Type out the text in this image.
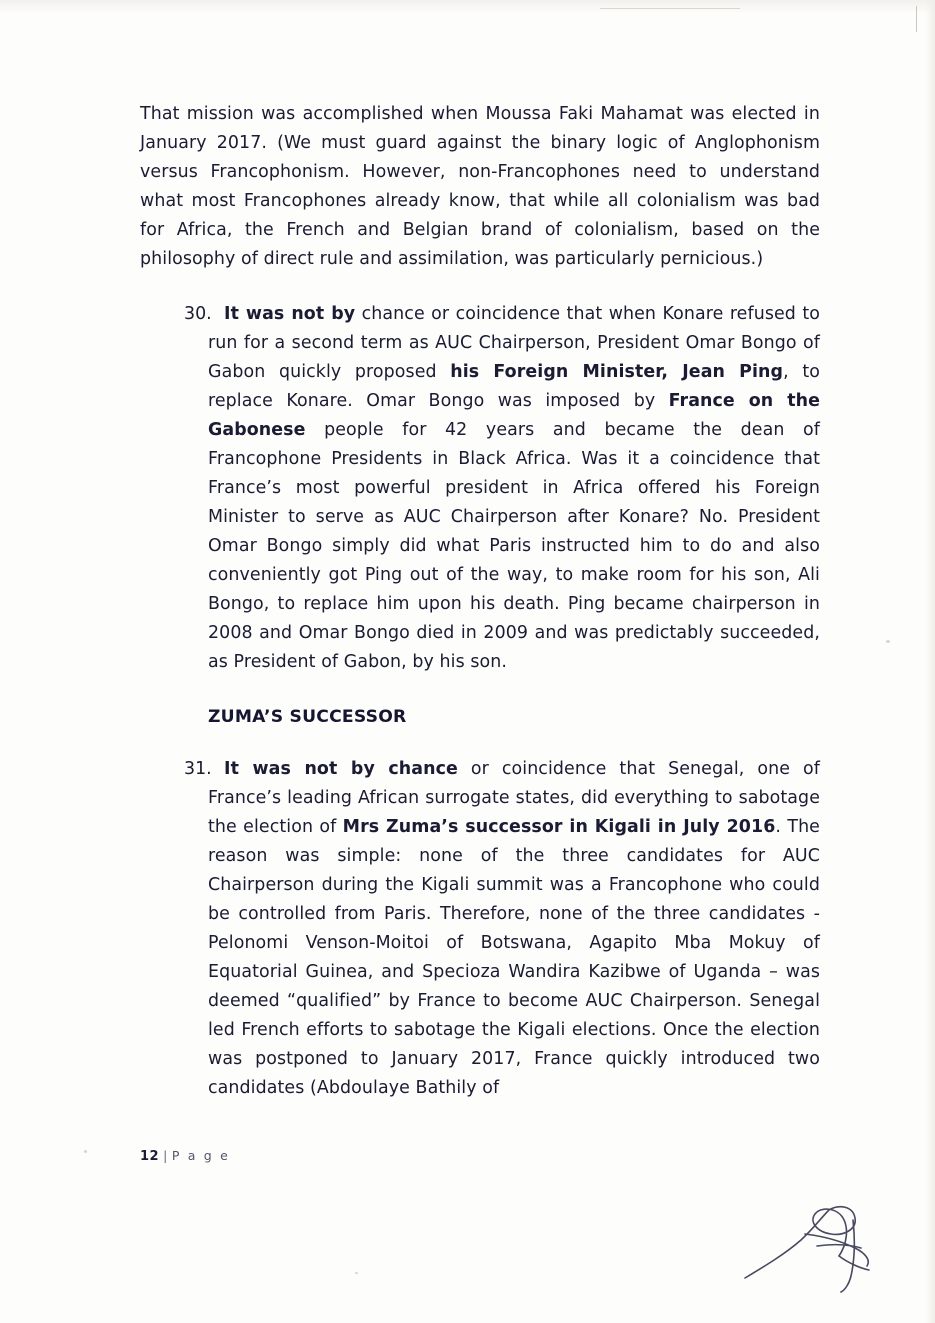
That mission was accomplished when Moussa Faki Mahamat was elected in January 2017. (We must guard against the binary logic of Anglophonism versus Francophonism. However, non-Francophones need to understand what most Francophones already know, that while all colonialism was bad for Africa, the French and Belgian brand of colonialism, based on the philosophy of direct rule and assimilation, was particularly pernicious.)

30. It was not by chance or coincidence that when Konare refused to run for a second term as AUC Chairperson, President Omar Bongo of Gabon quickly proposed his Foreign Minister, Jean Ping, to replace Konare. Omar Bongo was imposed by France on the Gabonese people for 42 years and became the dean of Francophone Presidents in Black Africa. Was it a coincidence that France’s most powerful president in Africa offered his Foreign Minister to serve as AUC Chairperson after Konare? No. President Omar Bongo simply did what Paris instructed him to do and also conveniently got Ping out of the way, to make room for his son, Ali Bongo, to replace him upon his death. Ping became chairperson in 2008 and Omar Bongo died in 2009 and was predictably succeeded, as President of Gabon, by his son.
ZUMA’S SUCCESSOR
31. It was not by chance or coincidence that Senegal, one of France’s leading African surrogate states, did everything to sabotage the election of Mrs Zuma’s successor in Kigali in July 2016. The reason was simple: none of the three candidates for AUC Chairperson during the Kigali summit was a Francophone who could be controlled from Paris. Therefore, none of the three candidates - Pelonomi Venson-Moitoi of Botswana, Agapito Mba Mokuy of Equatorial Guinea, and Specioza Wandira Kazibwe of Uganda – was deemed “qualified” by France to become AUC Chairperson. Senegal led French efforts to sabotage the Kigali elections. Once the election was postponed to January 2017, France quickly introduced two candidates (Abdoulaye Bathily of
12 | P a g e
